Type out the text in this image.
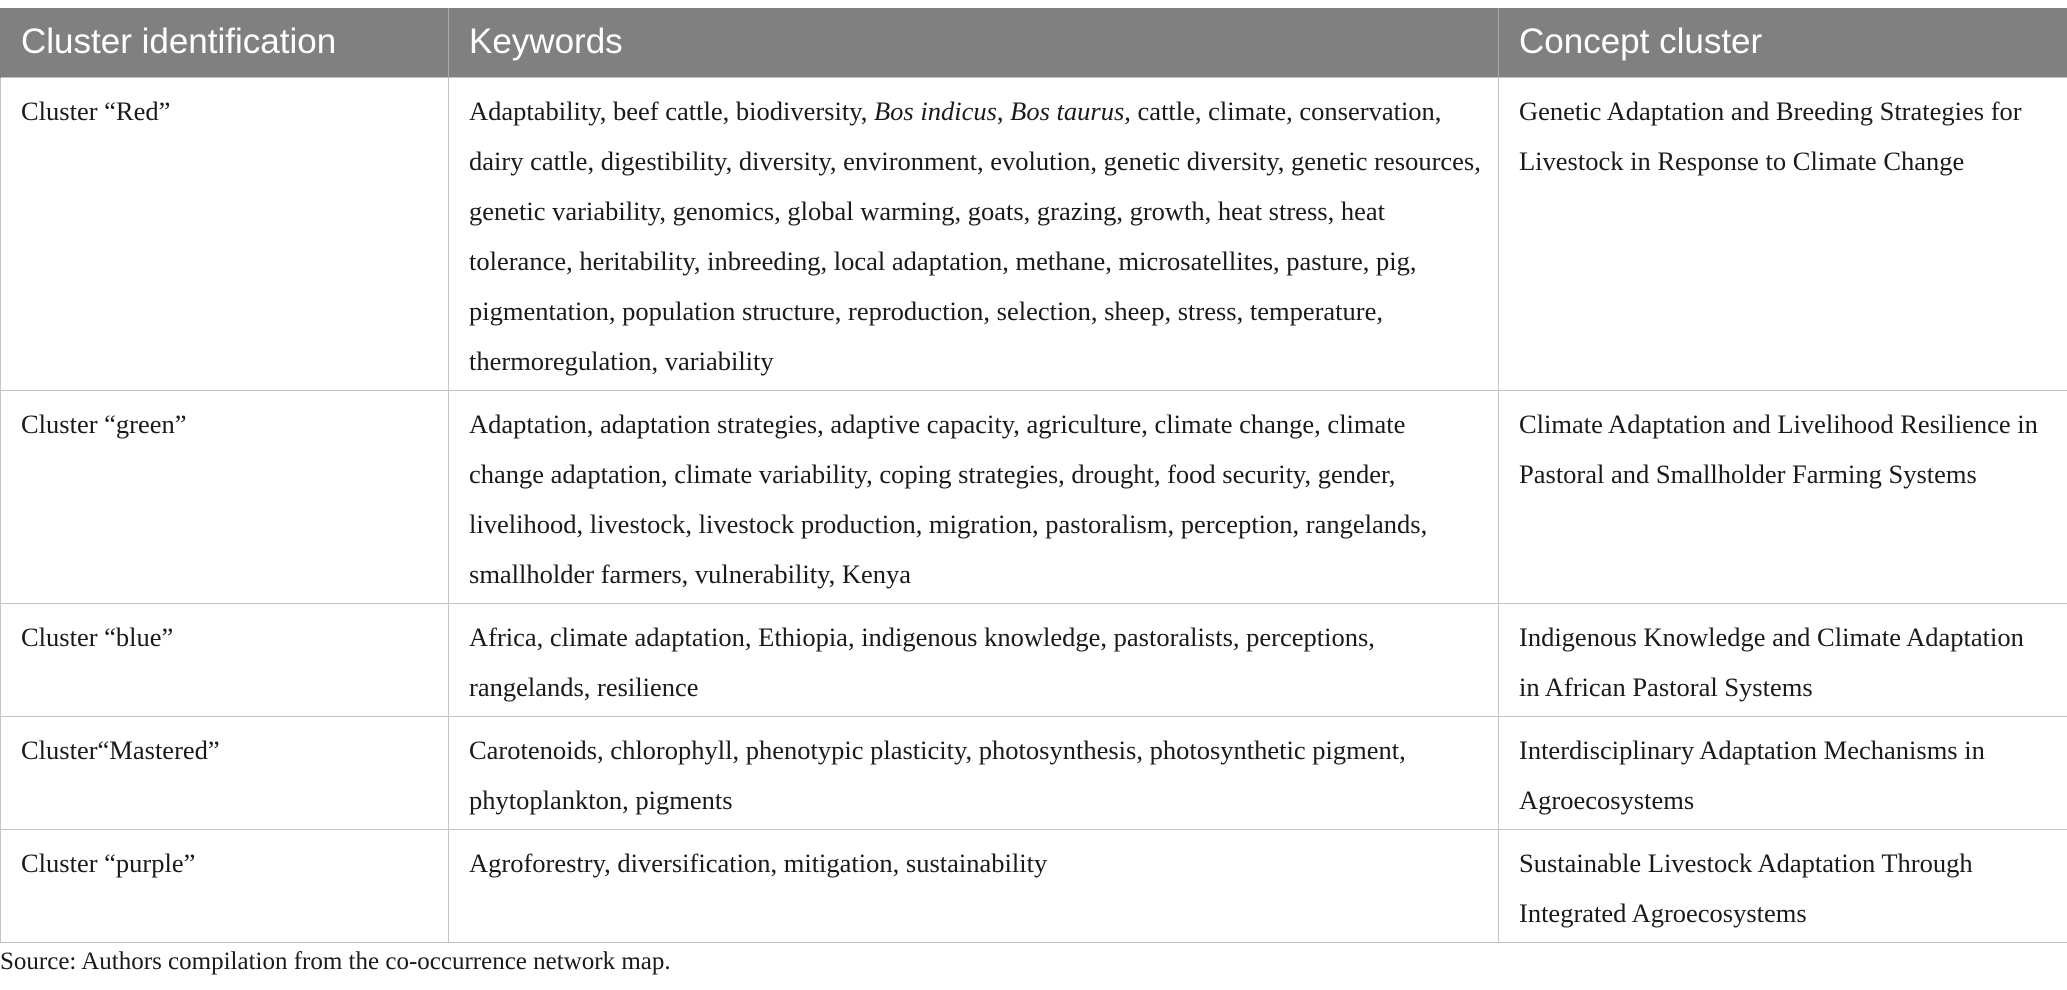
Cluster identification	Keywords	Concept cluster
Cluster “Red”	Adaptability, beef cattle, biodiversity, Bos indicus, Bos taurus, cattle, climate, conservation, dairy cattle, digestibility, diversity, environment, evolution, genetic diversity, genetic resources, genetic variability, genomics, global warming, goats, grazing, growth, heat stress, heat tolerance, heritability, inbreeding, local adaptation, methane, microsatellites, pasture, pig, pigmentation, population structure, reproduction, selection, sheep, stress, temperature, thermoregulation, variability	Genetic Adaptation and Breeding Strategies for Livestock in Response to Climate Change
Cluster “green”	Adaptation, adaptation strategies, adaptive capacity, agriculture, climate change, climate change adaptation, climate variability, coping strategies, drought, food security, gender, livelihood, livestock, livestock production, migration, pastoralism, perception, rangelands, smallholder farmers, vulnerability, Kenya	Climate Adaptation and Livelihood Resilience in Pastoral and Smallholder Farming Systems
Cluster “blue”	Africa, climate adaptation, Ethiopia, indigenous knowledge, pastoralists, perceptions, rangelands, resilience	Indigenous Knowledge and Climate Adaptation in African Pastoral Systems
Cluster“Mastered”	Carotenoids, chlorophyll, phenotypic plasticity, photosynthesis, photosynthetic pigment, phytoplankton, pigments	Interdisciplinary Adaptation Mechanisms in Agroecosystems
Cluster “purple”	Agroforestry, diversification, mitigation, sustainability	Sustainable Livestock Adaptation Through Integrated Agroecosystems
Source: Authors compilation from the co-occurrence network map.
